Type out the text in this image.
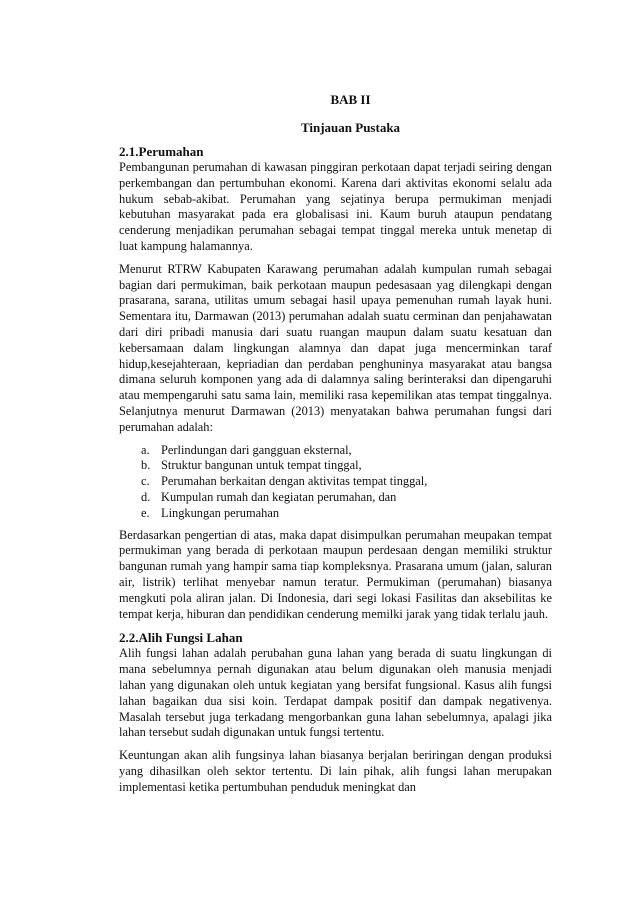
BAB II
Tinjauan Pustaka
2.1.Perumahan

Pembangunan perumahan di kawasan pinggiran perkotaan dapat terjadi seiring dengan perkembangan dan pertumbuhan ekonomi. Karena dari aktivitas ekonomi selalu ada hukum sebab-akibat. Perumahan yang sejatinya berupa permukiman menjadi kebutuhan masyarakat pada era globalisasi ini. Kaum buruh ataupun pendatang cenderung menjadikan perumahan sebagai tempat tinggal mereka untuk menetap di luat kampung halamannya.

Menurut RTRW Kabupaten Karawang perumahan adalah kumpulan rumah sebagai bagian dari permukiman, baik perkotaan maupun pedesasaan yag dilengkapi dengan prasarana, sarana, utilitas umum sebagai hasil upaya pemenuhan rumah layak huni. Sementara itu, Darmawan (2013) perumahan adalah suatu cerminan dan penjahawatan dari diri pribadi manusia dari suatu ruangan maupun dalam suatu kesatuan dan kebersamaan dalam lingkungan alamnya dan dapat juga mencerminkan taraf hidup,kesejahteraan, kepriadian dan perdaban penghuninya masyarakat atau bangsa dimana seluruh komponen yang ada di dalamnya saling berinteraksi dan dipengaruhi atau mempengaruhi satu sama lain, memiliki rasa kepemilikan atas tempat tinggalnya. Selanjutnya menurut Darmawan (2013) menyatakan bahwa perumahan fungsi dari perumahan adalah:

a. Perlindungan dari gangguan eksternal,
b. Struktur bangunan untuk tempat tinggal,
c. Perumahan berkaitan dengan aktivitas tempat tinggal,
d. Kumpulan rumah dan kegiatan perumahan, dan
e. Lingkungan perumahan

Berdasarkan pengertian di atas, maka dapat disimpulkan perumahan meupakan tempat permukiman yang berada di perkotaan maupun perdesaan dengan memiliki struktur bangunan rumah yang hampir sama tiap kompleksnya. Prasarana umum (jalan, saluran air, listrik) terlihat menyebar namun teratur. Permukiman (perumahan) biasanya mengkuti pola aliran jalan. Di Indonesia, dari segi lokasi Fasilitas dan aksebilitas ke tempat kerja, hiburan dan pendidikan cenderung memilki jarak yang tidak terlalu jauh.

2.2.Alih Fungsi Lahan

Alih fungsi lahan adalah perubahan guna lahan yang berada di suatu lingkungan di mana sebelumnya pernah digunakan atau belum digunakan oleh manusia menjadi lahan yang digunakan oleh untuk kegiatan yang bersifat fungsional. Kasus alih fungsi lahan bagaikan dua sisi koin. Terdapat dampak positif dan dampak negativenya. Masalah tersebut juga terkadang mengorbankan guna lahan sebelumnya, apalagi jika lahan tersebut sudah digunakan untuk fungsi tertentu.

Keuntungan akan alih fungsinya lahan biasanya berjalan beriringan dengan produksi yang dihasilkan oleh sektor tertentu. Di lain pihak, alih fungsi lahan merupakan implementasi ketika pertumbuhan penduduk meningkat dan
